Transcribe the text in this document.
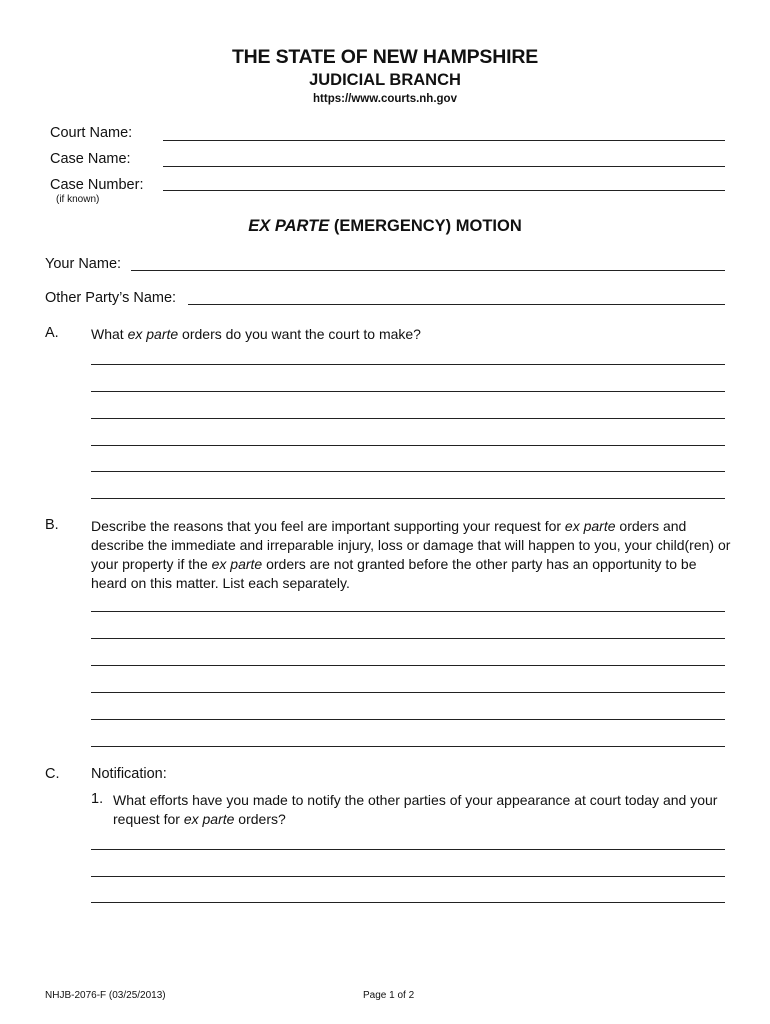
THE STATE OF NEW HAMPSHIRE
JUDICIAL BRANCH
https://www.courts.nh.gov
Court Name:
Case Name:
Case Number:
(if known)
EX PARTE (EMERGENCY) MOTION
Your Name:
Other Party’s Name:
A. What ex parte orders do you want the court to make?
B. Describe the reasons that you feel are important supporting your request for ex parte orders and describe the immediate and irreparable injury, loss or damage that will happen to you, your child(ren) or your property if the ex parte orders are not granted before the other party has an opportunity to be heard on this matter. List each separately.
C. Notification:
1. What efforts have you made to notify the other parties of your appearance at court today and your request for ex parte orders?
NHJB-2076-F (03/25/2013)	Page 1 of 2
